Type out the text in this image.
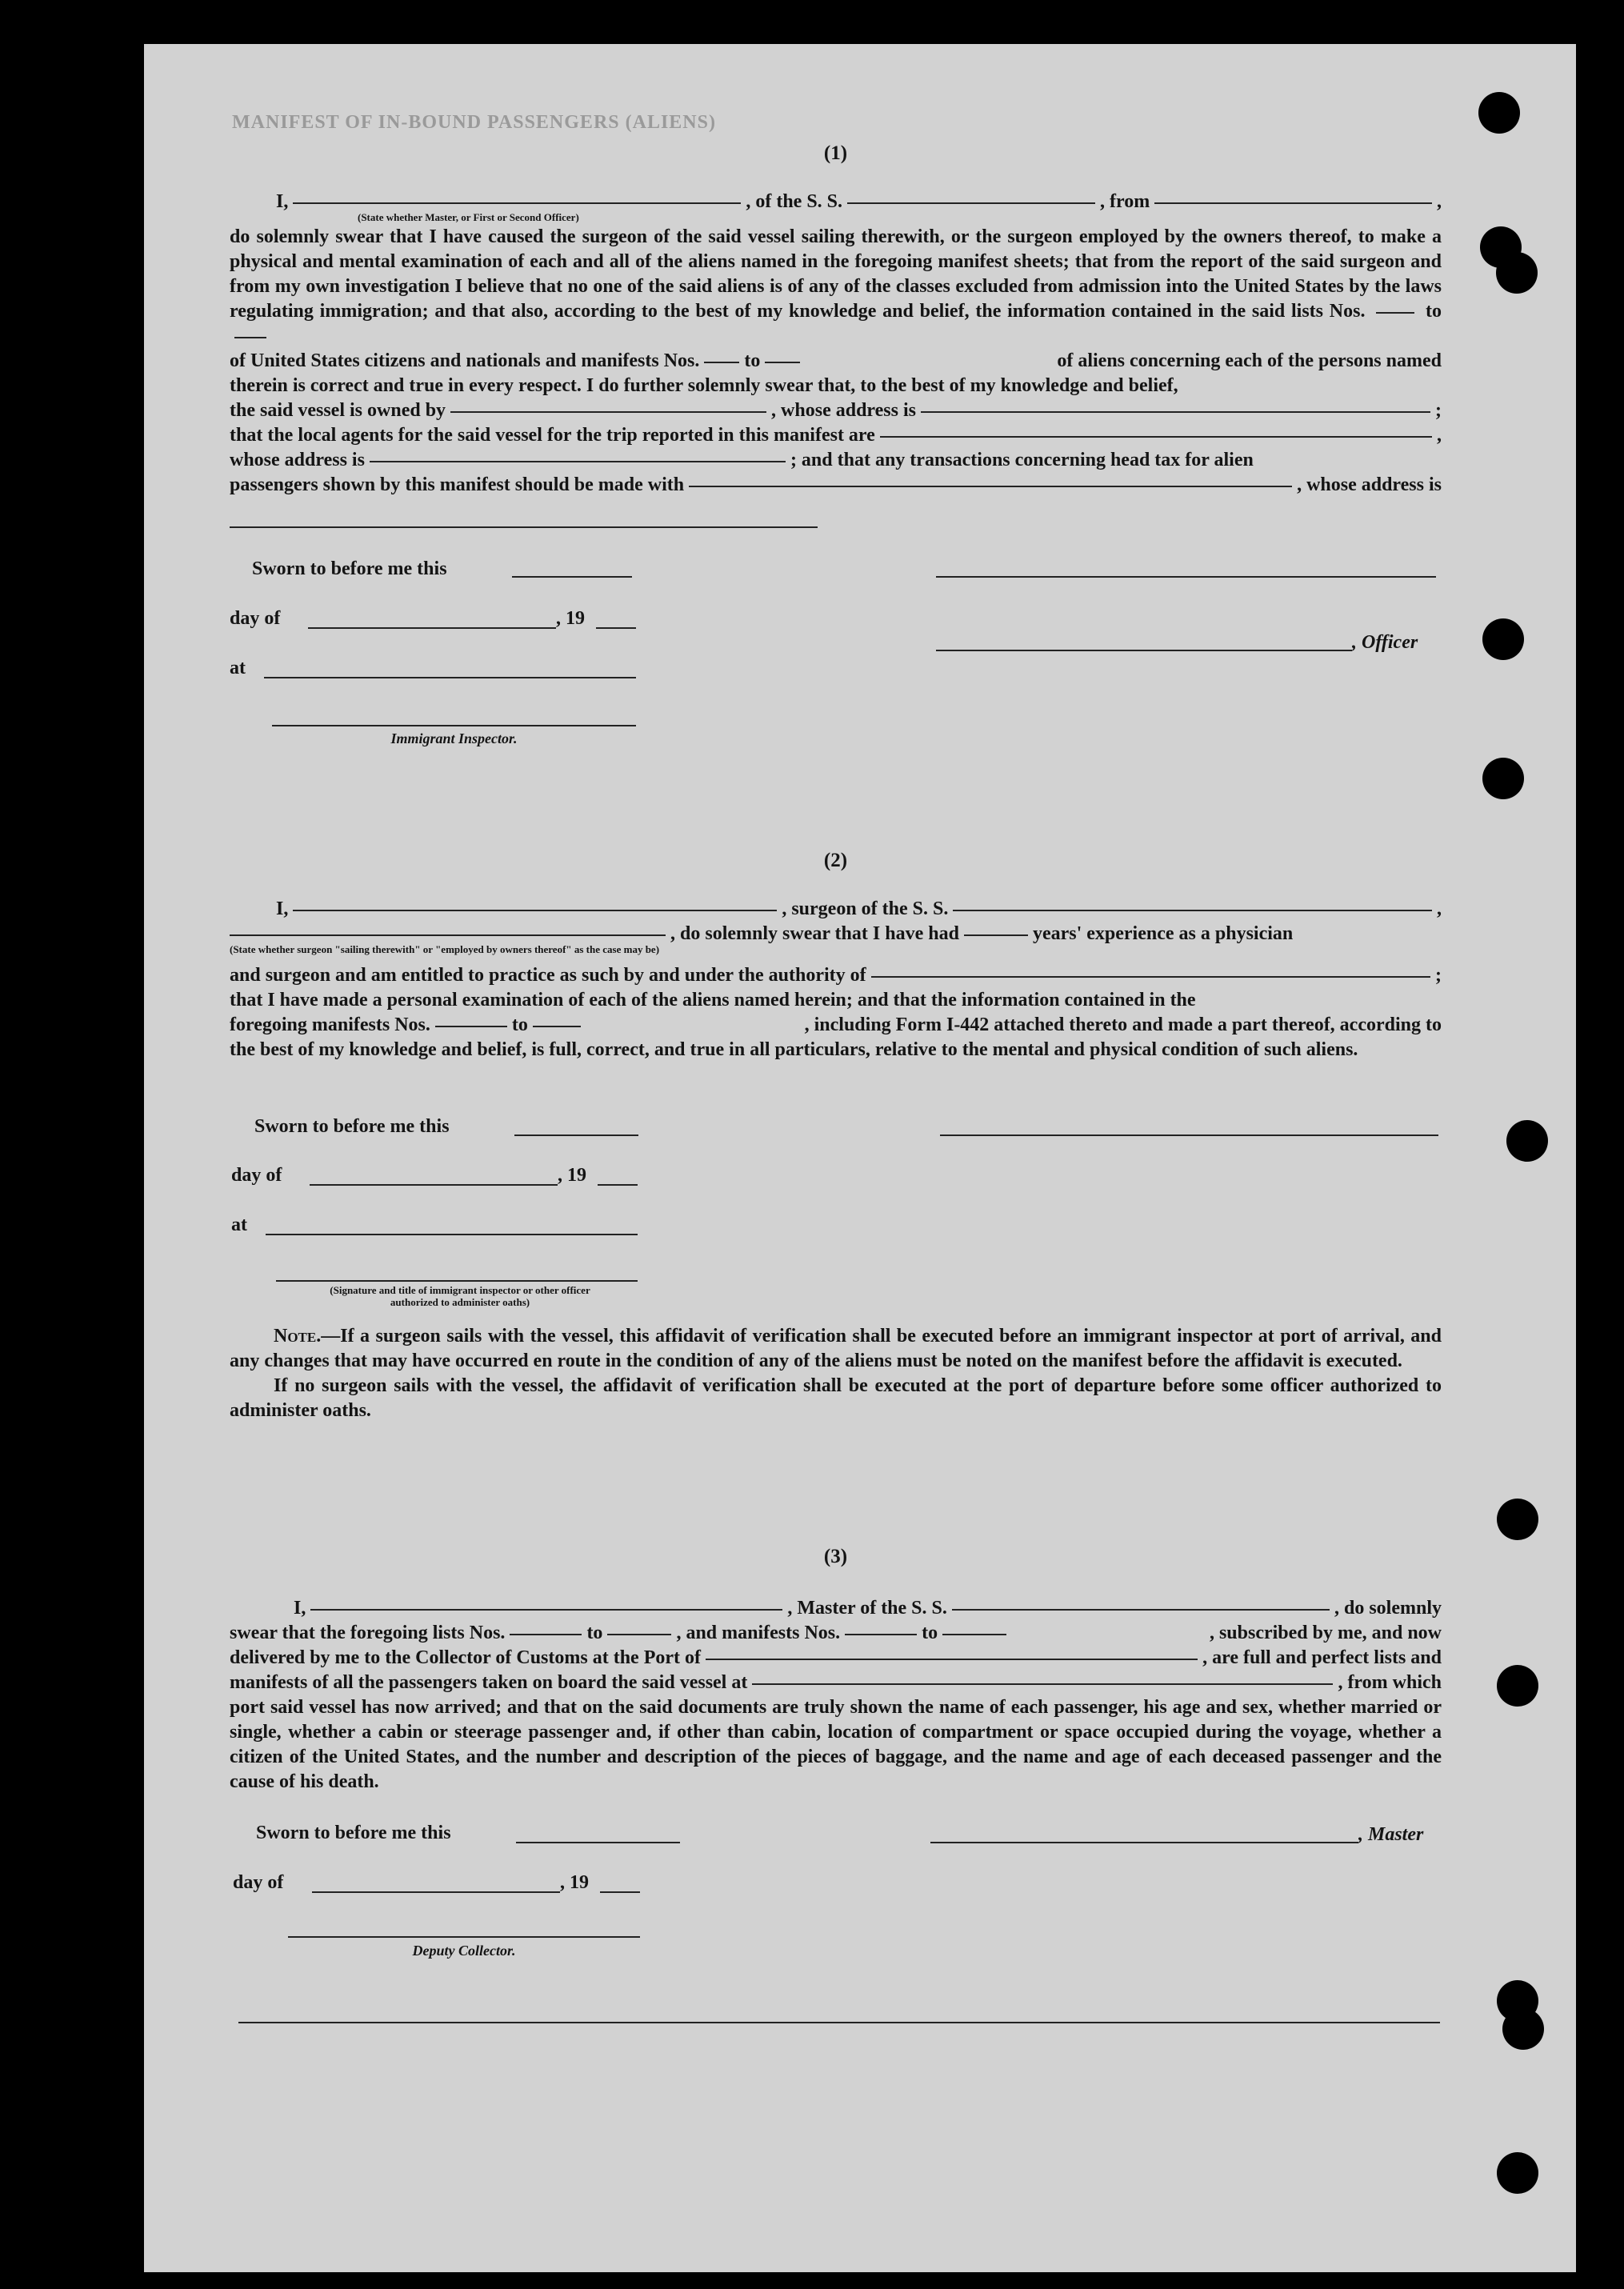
MANIFEST OF IN-BOUND PASSENGERS (ALIENS)
(1)
I,	, of the S. S.	, from	,
(State whether Master, or First or Second Officer)

do solemnly swear that I have caused the surgeon of the said vessel sailing therewith, or the surgeon employed by the owners thereof, to make a physical and mental examination of each and all of the aliens named in the foregoing manifest sheets; that from the report of the said surgeon and from my own investigation I believe that no one of the said aliens is of any of the classes excluded from admission into the United States by the laws regulating immigration; and that also, according to the best of my knowledge and belief, the information contained in the said lists Nos.	to

of United States citizens and nationals and manifests Nos. to	of aliens concerning each of the persons named

therein is correct and true in every respect. I do further solemnly swear that, to the best of my knowledge and belief,

the said vessel is owned by	, whose address is	;
that the local agents for the said vessel for the trip reported in this manifest are	,
whose address is	; and that any transactions concerning head tax for alien
passengers shown by this manifest should be made with	, whose address is
Sworn to before me this
day of	, 19
, Officer
at
Immigrant Inspector.
(2)
I,	, surgeon of the S. S.	,
, do solemnly swear that I have had	years' experience as a physician
(State whether surgeon "sailing therewith" or "employed by owners thereof" as the case may be)
and surgeon and am entitled to practice as such by and under the authority of	;

that I have made a personal examination of each of the aliens named herein; and that the information contained in the

foregoing manifests Nos.	to	, including Form I-442 attached thereto and made a part thereof, according to

the best of my knowledge and belief, is full, correct, and true in all particulars, relative to the mental and physical condition of such aliens.

Sworn to before me this
day of	, 19
at
(Signature and title of immigrant inspector or other officer authorized to administer oaths)

Note.—If a surgeon sails with the vessel, this affidavit of verification shall be executed before an immigrant inspector at port of arrival, and any changes that may have occurred en route in the condition of any of the aliens must be noted on the manifest before the affidavit is executed.

If no surgeon sails with the vessel, the affidavit of verification shall be executed at the port of departure before some officer authorized to administer oaths.

(3)
I,	, Master of the S. S.	, do solemnly
swear that the foregoing lists Nos.	to	, and manifests Nos.	to	, subscribed by me, and now
delivered by me to the Collector of Customs at the Port of	, are full and perfect lists and
manifests of all the passengers taken on board the said vessel at	, from which

port said vessel has now arrived; and that on the said documents are truly shown the name of each passenger, his age and sex, whether married or single, whether a cabin or steerage passenger and, if other than cabin, location of compartment or space occupied during the voyage, whether a citizen of the United States, and the number and description of the pieces of baggage, and the name and age of each deceased passenger and the cause of his death.

Sworn to before me this	, Master
day of	, 19
Deputy Collector.
